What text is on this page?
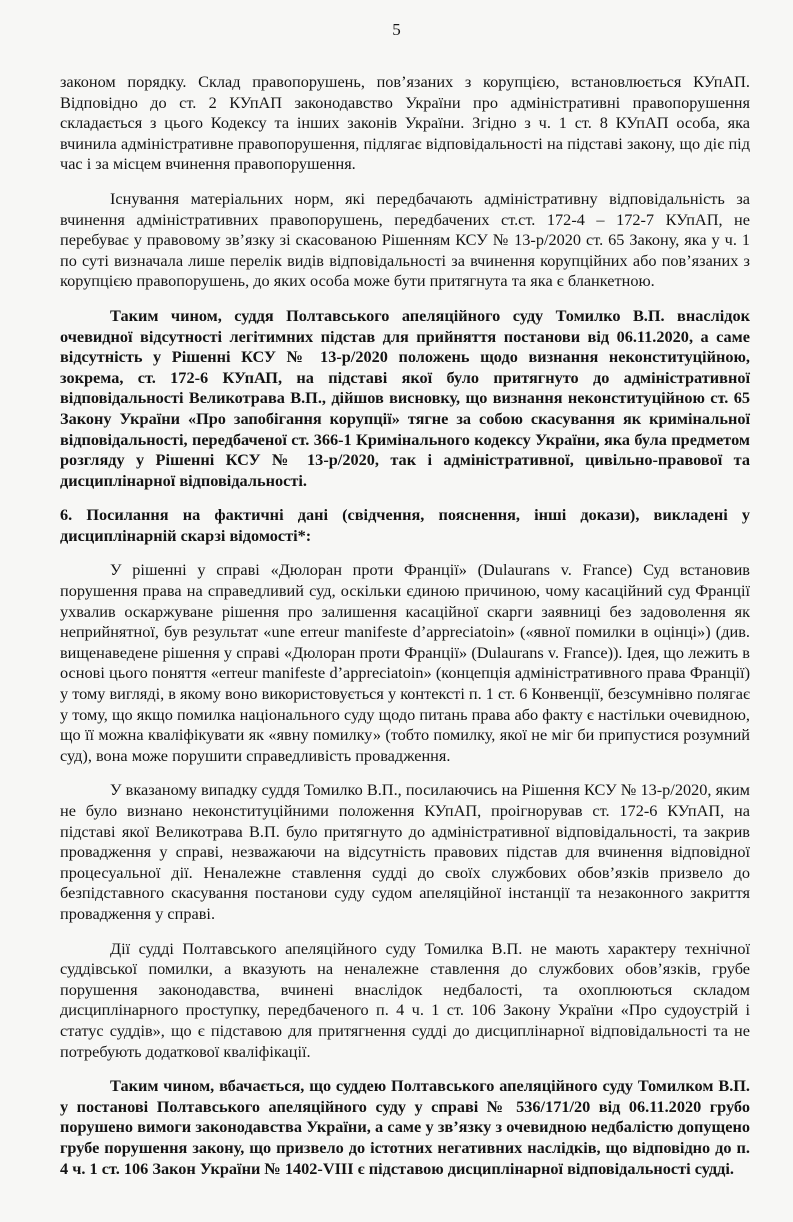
5

законом порядку. Склад правопорушень, пов’язаних з корупцією, встановлюється КУпАП. Відповідно до ст. 2 КУпАП законодавство України про адміністративні правопорушення складається з цього Кодексу та інших законів України. Згідно з ч. 1 ст. 8 КУпАП особа, яка вчинила адміністративне правопорушення, підлягає відповідальності на підставі закону, що діє під час і за місцем вчинення правопорушення.

Існування матеріальних норм, які передбачають адміністративну відповідальність за вчинення адміністративних правопорушень, передбачених ст.ст. 172-4 – 172-7 КУпАП, не перебуває у правовому зв’язку зі скасованою Рішенням КСУ № 13-р/2020 ст. 65 Закону, яка у ч. 1 по суті визначала лише перелік видів відповідальності за вчинення корупційних або пов’язаних з корупцією правопорушень, до яких особа може бути притягнута та яка є бланкетною.

Таким чином, суддя Полтавського апеляційного суду Томилко В.П. внаслідок очевидної відсутності легітимних підстав для прийняття постанови від 06.11.2020, а саме відсутність у Рішенні КСУ № 13-р/2020 положень щодо визнання неконституційною, зокрема, ст. 172-6 КУпАП, на підставі якої було притягнуто до адміністративної відповідальності Великотрава В.П., дійшов висновку, що визнання неконституційною ст. 65 Закону України «Про запобігання корупції» тягне за собою скасування як кримінальної відповідальності, передбаченої ст. 366-1 Кримінального кодексу України, яка була предметом розгляду у Рішенні КСУ № 13-р/2020, так і адміністративної, цивільно-правової та дисциплінарної відповідальності.

6. Посилання на фактичні дані (свідчення, пояснення, інші докази), викладені у дисциплінарній скарзі відомості*:

У рішенні у справі «Дюлоран проти Франції» (Dulaurans v. France) Суд встановив порушення права на справедливий суд, оскільки єдиною причиною, чому касаційний суд Франції ухвалив оскаржуване рішення про залишення касаційної скарги заявниці без задоволення як неприйнятної, був результат «une erreur manifeste d’appreciatoin» («явної помилки в оцінці») (див. вищенаведене рішення у справі «Дюлоран проти Франції» (Dulaurans v. France)). Ідея, що лежить в основі цього поняття «erreur manifeste d’appreciatoin» (концепція адміністративного права Франції) у тому вигляді, в якому воно використовується у контексті п. 1 ст. 6 Конвенції, безсумнівно полягає у тому, що якщо помилка національного суду щодо питань права або факту є настільки очевидною, що її можна кваліфікувати як «явну помилку» (тобто помилку, якої не міг би припустися розумний суд), вона може порушити справедливість провадження.

У вказаному випадку суддя Томилко В.П., посилаючись на Рішення КСУ № 13-р/2020, яким не було визнано неконституційними положення КУпАП, проігнорував ст. 172-6 КУпАП, на підставі якої Великотрава В.П. було притягнуто до адміністративної відповідальності, та закрив провадження у справі, незважаючи на відсутність правових підстав для вчинення відповідної процесуальної дії. Неналежне ставлення судді до своїх службових обов’язків призвело до безпідставного скасування постанови суду судом апеляційної інстанції та незаконного закриття провадження у справі.

Дії судді Полтавського апеляційного суду Томилка В.П. не мають характеру технічної суддівської помилки, а вказують на неналежне ставлення до службових обов’язків, грубе порушення законодавства, вчинені внаслідок недбалості, та охоплюються складом дисциплінарного проступку, передбаченого п. 4 ч. 1 ст. 106 Закону України «Про судоустрій і статус суддів», що є підставою для притягнення судді до дисциплінарної відповідальності та не потребують додаткової кваліфікації.

Таким чином, вбачається, що суддею Полтавського апеляційного суду Томилком В.П. у постанові Полтавського апеляційного суду у справі № 536/171/20 від 06.11.2020 грубо порушено вимоги законодавства України, а саме у зв’язку з очевидною недбалістю допущено грубе порушення закону, що призвело до істотних негативних наслідків, що відповідно до п. 4 ч. 1 ст. 106 Закон України № 1402-VIII є підставою дисциплінарної відповідальності судді.
